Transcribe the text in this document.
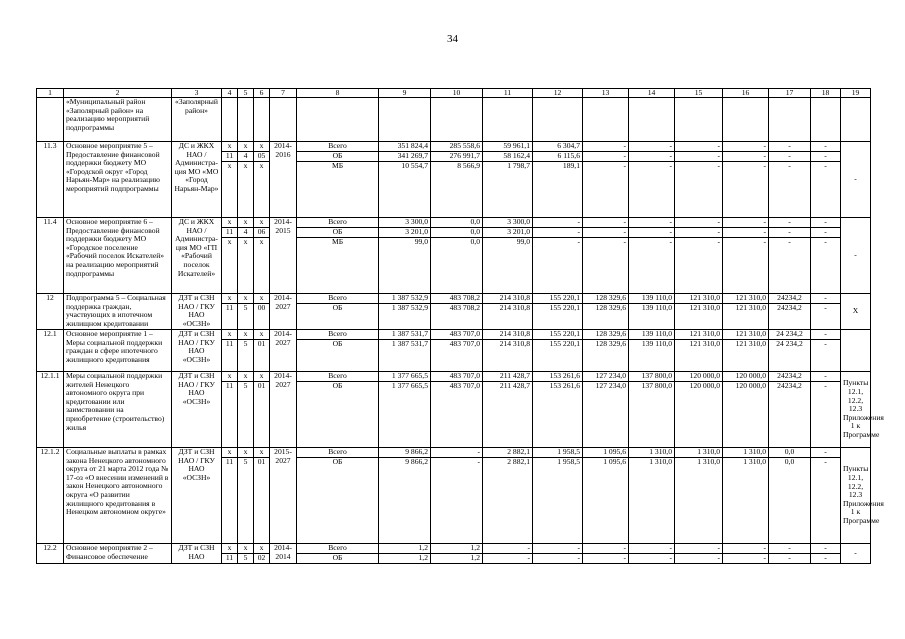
34
1	2	3	4	5	6	7	8	9	10	11	12	13	14	15	16	17	18	19
	«Муниципальный район «Заполярный район» на реализацию мероприятий подпрограммы	«Заполярный район»																
11.3	Основное мероприятие 5 – Предоставление финансовой поддержки бюджету МО «Городской округ «Город Нарьян-Мар» на реализацию мероприятий подпрограммы	ДС и ЖКХ НАО / Администра-ция МО «МО «Город Нарьян-Мар»	х	х	х	2014-2016	Всего	351 824,4	285 558,6	59 961,1	6 304,7	-	-	-	-	-	-	-
			11	4	05		ОБ	341 269,7	276 991,7	58 162,4	6 115,6	-	-	-	-	-	-	
			х	х	х		МБ	10 554,7	8 566,9	1 798,7	189,1	-	-	-	-	-	-	
11.4	Основное мероприятие 6 – Предоставление финансовой поддержки бюджету МО «Городское поселение «Рабочий поселок Искателей» на реализацию мероприятий подпрограммы	ДС и ЖКХ НАО / Администра-ция МО «ГП «Рабочий поселок Искателей»	х	х	х	2014-2015	Всего	3 300,0	0,0	3 300,0	-	-	-	-	-	-	-	-
			11	4	06		ОБ	3 201,0	0,0	3 201,0	-	-	-	-	-	-	-	
			х	х	х		МБ	99,0	0,0	99,0	-	-	-	-	-	-	-	
12	Подпрограмма 5 – Социальная поддержка граждан, участвующих в ипотечном жилищном кредитовании	ДЗТ и СЗН НАО / ГКУ НАО «ОСЗН»	х	х	х	2014-2027	Всего	1 387 532,9	483 708,2	214 310,8	155 220,1	128 329,6	139 110,0	121 310,0	121 310,0	24234,2	-	Х
			11	5	00		ОБ	1 387 532,9	483 708,2	214 310,8	155 220,1	128 329,6	139 110,0	121 310,0	121 310,0	24234,2	-	
12.1	Основное мероприятие 1 – Меры социальной поддержки граждан в сфере ипотечного жилищного кредитования	ДЗТ и СЗН НАО / ГКУ НАО «ОСЗН»	х	х	х	2014-2027	Всего	1 387 531,7	483 707,0	214 310,8	155 220,1	128 329,6	139 110,0	121 310,0	121 310,0	24 234,2	-	
			11	5	01		ОБ	1 387 531,7	483 707,0	214 310,8	155 220,1	128 329,6	139 110,0	121 310,0	121 310,0	24 234,2	-	
12.1.1	Меры социальной поддержки жителей Ненецкого автономного округа при кредитовании или заимствовании на приобретение (строительство) жилья	ДЗТ и СЗН НАО / ГКУ НАО «ОСЗН»	х	х	х	2014-2027	Всего	1 377 665,5	483 707,0	211 428,7	153 261,6	127 234,0	137 800,0	120 000,0	120 000,0	24234,2	-	Пункты 12.1, 12.2, 12.3 Приложения 1 к Программе
			11	5	01		ОБ	1 377 665,5	483 707,0	211 428,7	153 261,6	127 234,0	137 800,0	120 000,0	120 000,0	24234,2	-	
12.1.2	Социальные выплаты в рамках закона Ненецкого автономного округа от 21 марта 2012 года № 17-оз «О внесении изменений в закон Ненецкого автономного округа «О развитии жилищного кредитования в Ненецком автономном округе»	ДЗТ и СЗН НАО / ГКУ НАО «ОСЗН»	х	х	х	2015-2027	Всего	9 866,2	-	2 882,1	1 958,5	1 095,6	1 310,0	1 310,0	1 310,0	0,0	-	Пункты 12.1, 12.2, 12.3 Приложения 1 к Программе
			11	5	01		ОБ	9 866,2	-	2 882,1	1 958,5	1 095,6	1 310,0	1 310,0	1 310,0	0,0	-	
12.2	Основное мероприятие 2 – Финансовое обеспечение	ДЗТ и СЗН НАО	х	х	х	2014-2014	Всего	1,2	1,2	-	-	-	-	-	-	-	-	-
			11	5	02		ОБ	1,2	1,2	-	-	-	-	-	-	-	-	
